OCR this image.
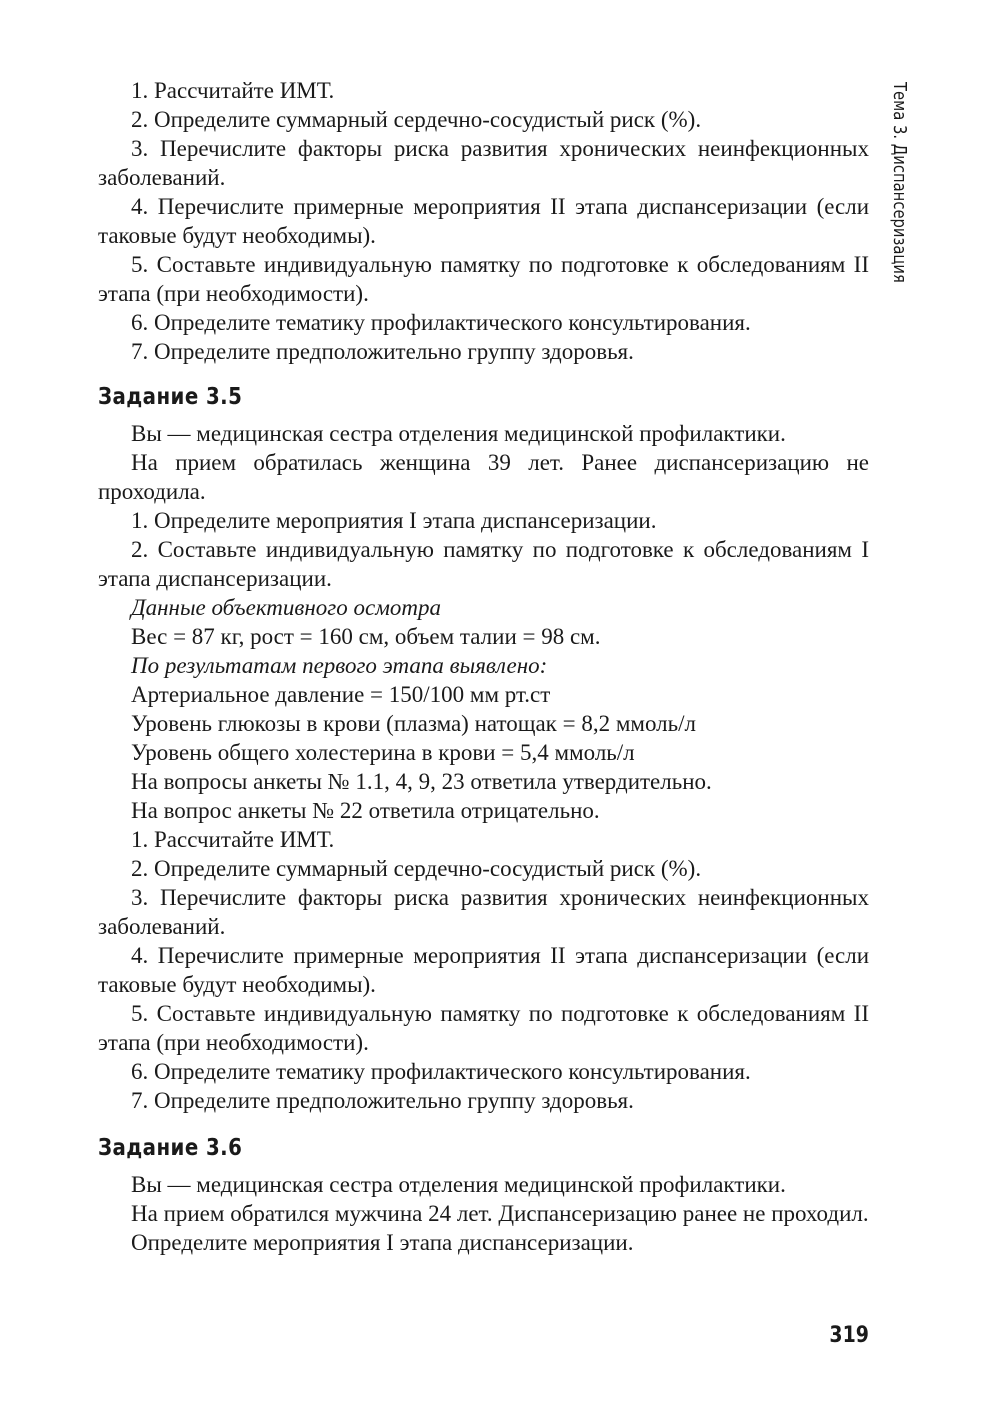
Тема 3. Диспансеризация

1. Рассчитайте ИМТ.

2. Определите суммарный сердечно-сосудистый риск (%).

3. Перечислите факторы риска развития хронических неинфекционных заболеваний.

4. Перечислите примерные мероприятия II этапа диспансеризации (если таковые будут необходимы).

5. Составьте индивидуальную памятку по подготовке к обследованиям II этапа (при необходимости).

6. Определите тематику профилактического консультирования.

7. Определите предположительно группу здоровья.

Задание 3.5

Вы — медицинская сестра отделения медицинской профилактики.

На прием обратилась женщина 39 лет. Ранее диспансеризацию не проходила.

1. Определите мероприятия I этапа диспансеризации.

2. Составьте индивидуальную памятку по подготовке к обследованиям I этапа диспансеризации.

Данные объективного осмотра

Вес = 87 кг, рост = 160 см, объем талии = 98 см.

По результатам первого этапа выявлено:

Артериальное давление = 150/100 мм рт.ст

Уровень глюкозы в крови (плазма) натощак = 8,2 ммоль/л

Уровень общего холестерина в крови = 5,4 ммоль/л

На вопросы анкеты № 1.1, 4, 9, 23 ответила утвердительно.

На вопрос анкеты № 22 ответила отрицательно.

1. Рассчитайте ИМТ.

2. Определите суммарный сердечно-сосудистый риск (%).

3. Перечислите факторы риска развития хронических неинфекционных заболеваний.

4. Перечислите примерные мероприятия II этапа диспансеризации (если таковые будут необходимы).

5. Составьте индивидуальную памятку по подготовке к обследованиям II этапа (при необходимости).

6. Определите тематику профилактического консультирования.

7. Определите предположительно группу здоровья.

Задание 3.6

Вы — медицинская сестра отделения медицинской профилактики.

На прием обратился мужчина 24 лет. Диспансеризацию ранее не проходил.

Определите мероприятия I этапа диспансеризации.

319
